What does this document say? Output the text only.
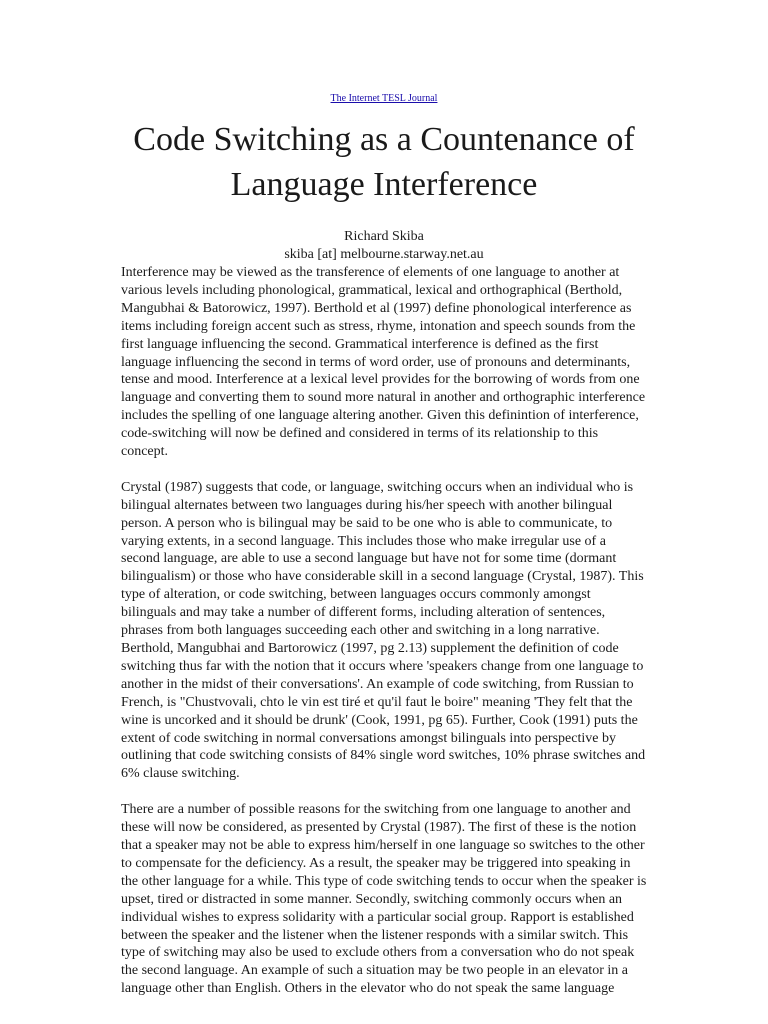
The Internet TESL Journal
Code Switching as a Countenance of
Language Interference
Richard Skiba
skiba [at] melbourne.starway.net.au

Interference may be viewed as the transference of elements of one language to another at various levels including phonological, grammatical, lexical and orthographical (Berthold, Mangubhai & Batorowicz, 1997). Berthold et al (1997) define phonological interference as items including foreign accent such as stress, rhyme, intonation and speech sounds from the first language influencing the second. Grammatical interference is defined as the first language influencing the second in terms of word order, use of pronouns and determinants, tense and mood. Interference at a lexical level provides for the borrowing of words from one language and converting them to sound more natural in another and orthographic interference includes the spelling of one language altering another. Given this definintion of interference, code-switching will now be defined and considered in terms of its relationship to this concept.

Crystal (1987) suggests that code, or language, switching occurs when an individual who is bilingual alternates between two languages during his/her speech with another bilingual person. A person who is bilingual may be said to be one who is able to communicate, to varying extents, in a second language. This includes those who make irregular use of a second language, are able to use a second language but have not for some time (dormant bilingualism) or those who have considerable skill in a second language (Crystal, 1987). This type of alteration, or code switching, between languages occurs commonly amongst bilinguals and may take a number of different forms, including alteration of sentences, phrases from both languages succeeding each other and switching in a long narrative. Berthold, Mangubhai and Bartorowicz (1997, pg 2.13) supplement the definition of code switching thus far with the notion that it occurs where 'speakers change from one language to another in the midst of their conversations'. An example of code switching, from Russian to French, is "Chustvovali, chto le vin est tiré et qu'il faut le boire" meaning 'They felt that the wine is uncorked and it should be drunk' (Cook, 1991, pg 65). Further, Cook (1991) puts the extent of code switching in normal conversations amongst bilinguals into perspective by outlining that code switching consists of 84% single word switches, 10% phrase switches and 6% clause switching.

There are a number of possible reasons for the switching from one language to another and these will now be considered, as presented by Crystal (1987). The first of these is the notion that a speaker may not be able to express him/herself in one language so switches to the other to compensate for the deficiency. As a result, the speaker may be triggered into speaking in the other language for a while. This type of code switching tends to occur when the speaker is upset, tired or distracted in some manner. Secondly, switching commonly occurs when an individual wishes to express solidarity with a particular social group. Rapport is established between the speaker and the listener when the listener responds with a similar switch. This type of switching may also be used to exclude others from a conversation who do not speak the second language. An example of such a situation may be two people in an elevator in a language other than English. Others in the elevator who do not speak the same language
